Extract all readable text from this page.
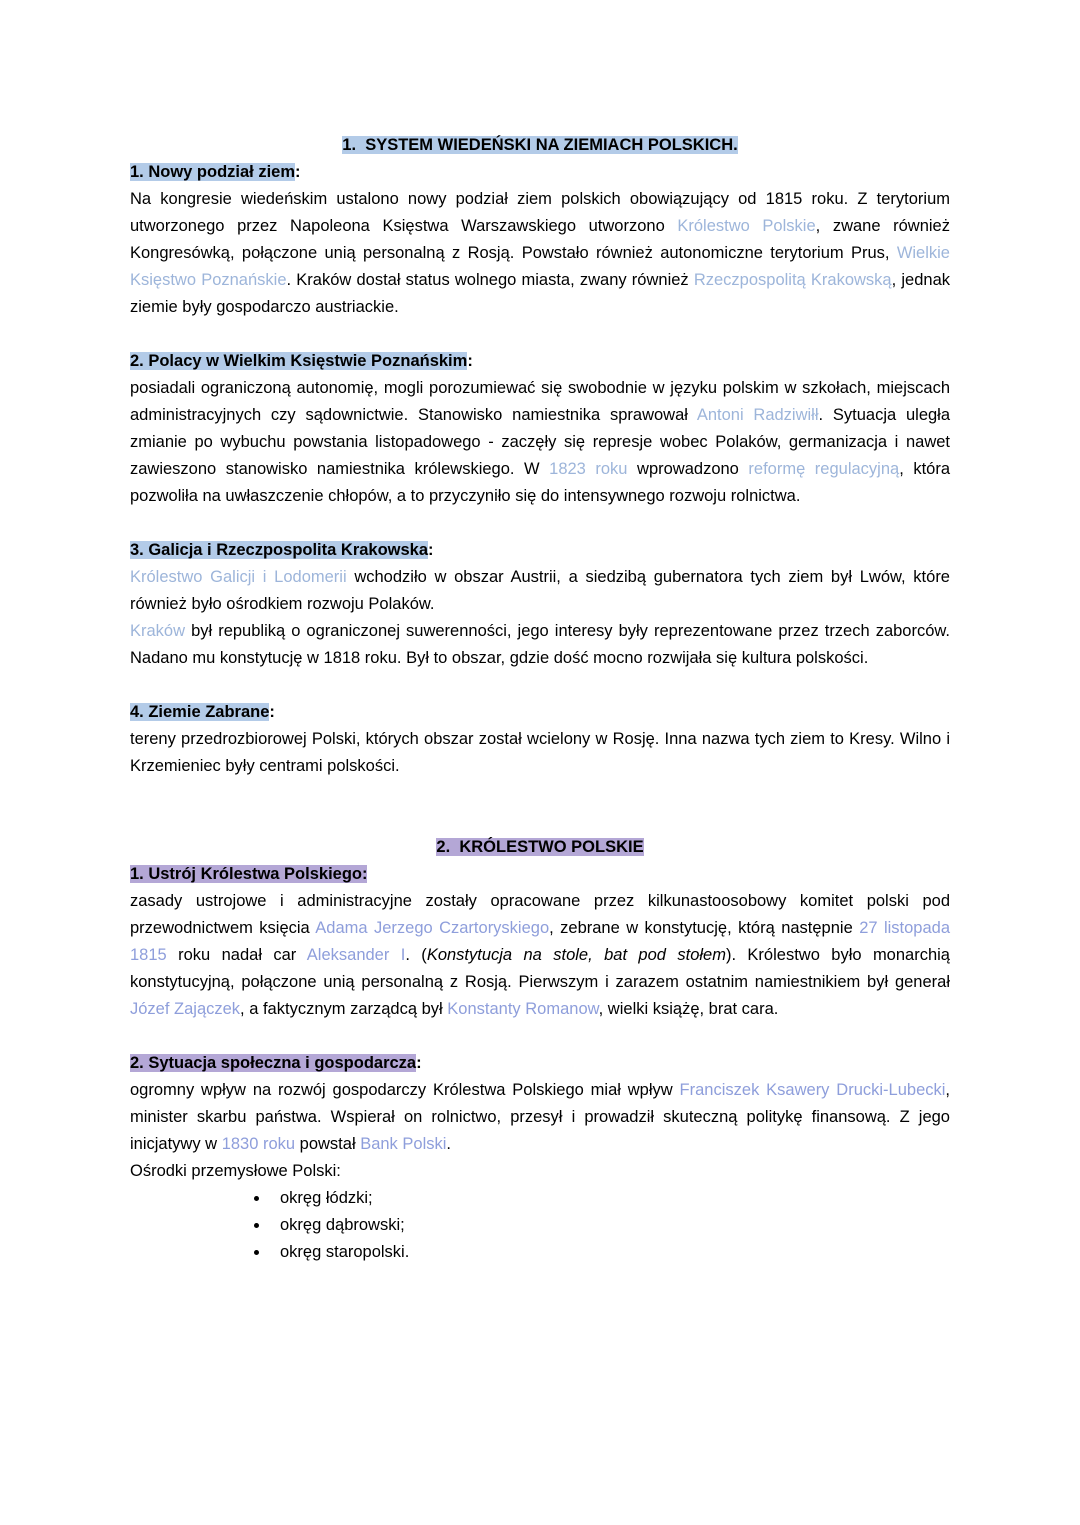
1.  SYSTEM WIEDEŃSKI NA ZIEMIACH POLSKICH.
1. Nowy podział ziem:
Na kongresie wiedeńskim ustalono nowy podział ziem polskich obowiązujący od 1815 roku. Z terytorium utworzonego przez Napoleona Księstwa Warszawskiego utworzono Królestwo Polskie, zwane również Kongresówką, połączone unią personalną z Rosją. Powstało również autonomiczne terytorium Prus, Wielkie Księstwo Poznańskie. Kraków dostał status wolnego miasta, zwany również Rzeczpospolitą Krakowską, jednak ziemie były gospodarczo austriackie.
2. Polacy w Wielkim Księstwie Poznańskim:
posiadali ograniczoną autonomię, mogli porozumiewać się swobodnie w języku polskim w szkołach, miejscach administracyjnych czy sądownictwie. Stanowisko namiestnika sprawował Antoni Radziwiłł. Sytuacja uległa zmianie po wybuchu powstania listopadowego - zaczęły się represje wobec Polaków, germanizacja i nawet zawieszono stanowisko namiestnika królewskiego. W 1823 roku wprowadzono reformę regulacyjną, która pozwoliła na uwłaszczenie chłopów, a to przyczyniło się do intensywnego rozwoju rolnictwa.
3. Galicja i Rzeczpospolita Krakowska:
Królestwo Galicji i Lodomerii wchodziło w obszar Austrii, a siedzibą gubernatora tych ziem był Lwów, które również było ośrodkiem rozwoju Polaków.
Kraków był republiką o ograniczonej suwerenności, jego interesy były reprezentowane przez trzech zaborców. Nadano mu konstytucję w 1818 roku. Był to obszar, gdzie dość mocno rozwijała się kultura polskości.
4. Ziemie Zabrane:
tereny przedrozbiorowej Polski, których obszar został wcielony w Rosję. Inna nazwa tych ziem to Kresy. Wilno i Krzemieniec były centrami polskości.
2.  KRÓLESTWO POLSKIE
1. Ustrój Królestwa Polskiego:
zasady ustrojowe i administracyjne zostały opracowane przez kilkunastoosobowy komitet polski pod przewodnictwem księcia Adama Jerzego Czartoryskiego, zebrane w konstytucję, którą następnie 27 listopada 1815 roku nadał car Aleksander I. (Konstytucja na stole, bat pod stołem). Królestwo było monarchią konstytucyjną, połączone unią personalną z Rosją. Pierwszym i zarazem ostatnim namiestnikiem był generał Józef Zajączek, a faktycznym zarządcą był Konstanty Romanow, wielki książę, brat cara.
2. Sytuacja społeczna i gospodarcza:
ogromny wpływ na rozwój gospodarczy Królestwa Polskiego miał wpływ Franciszek Ksawery Drucki-Lubecki, minister skarbu państwa. Wspierał on rolnictwo, przesył i prowadził skuteczną politykę finansową. Z jego inicjatywy w 1830 roku powstał Bank Polski.
Ośrodki przemysłowe Polski:
• okręg łódzki;
• okręg dąbrowski;
• okręg staropolski.
